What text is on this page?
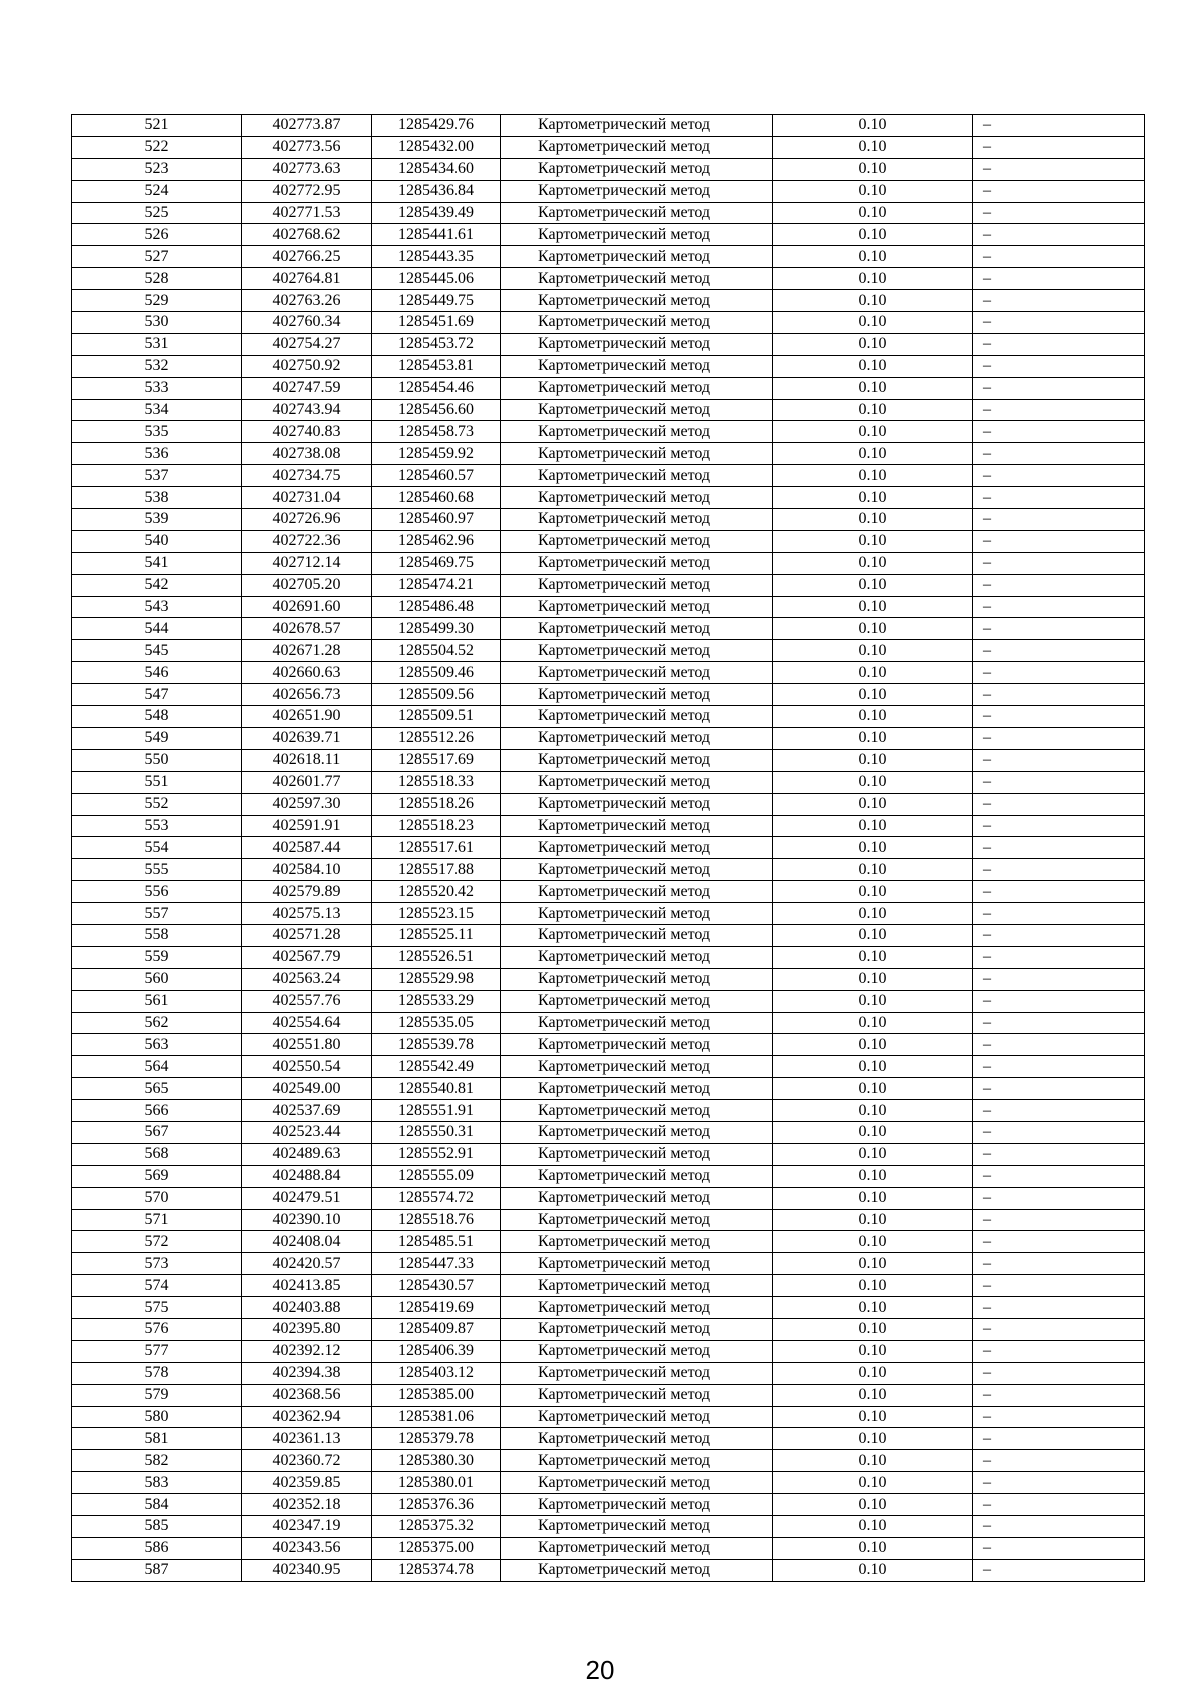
521	402773.87	1285429.76	Картометрический метод	0.10	–
522	402773.56	1285432.00	Картометрический метод	0.10	–
523	402773.63	1285434.60	Картометрический метод	0.10	–
524	402772.95	1285436.84	Картометрический метод	0.10	–
525	402771.53	1285439.49	Картометрический метод	0.10	–
526	402768.62	1285441.61	Картометрический метод	0.10	–
527	402766.25	1285443.35	Картометрический метод	0.10	–
528	402764.81	1285445.06	Картометрический метод	0.10	–
529	402763.26	1285449.75	Картометрический метод	0.10	–
530	402760.34	1285451.69	Картометрический метод	0.10	–
531	402754.27	1285453.72	Картометрический метод	0.10	–
532	402750.92	1285453.81	Картометрический метод	0.10	–
533	402747.59	1285454.46	Картометрический метод	0.10	–
534	402743.94	1285456.60	Картометрический метод	0.10	–
535	402740.83	1285458.73	Картометрический метод	0.10	–
536	402738.08	1285459.92	Картометрический метод	0.10	–
537	402734.75	1285460.57	Картометрический метод	0.10	–
538	402731.04	1285460.68	Картометрический метод	0.10	–
539	402726.96	1285460.97	Картометрический метод	0.10	–
540	402722.36	1285462.96	Картометрический метод	0.10	–
541	402712.14	1285469.75	Картометрический метод	0.10	–
542	402705.20	1285474.21	Картометрический метод	0.10	–
543	402691.60	1285486.48	Картометрический метод	0.10	–
544	402678.57	1285499.30	Картометрический метод	0.10	–
545	402671.28	1285504.52	Картометрический метод	0.10	–
546	402660.63	1285509.46	Картометрический метод	0.10	–
547	402656.73	1285509.56	Картометрический метод	0.10	–
548	402651.90	1285509.51	Картометрический метод	0.10	–
549	402639.71	1285512.26	Картометрический метод	0.10	–
550	402618.11	1285517.69	Картометрический метод	0.10	–
551	402601.77	1285518.33	Картометрический метод	0.10	–
552	402597.30	1285518.26	Картометрический метод	0.10	–
553	402591.91	1285518.23	Картометрический метод	0.10	–
554	402587.44	1285517.61	Картометрический метод	0.10	–
555	402584.10	1285517.88	Картометрический метод	0.10	–
556	402579.89	1285520.42	Картометрический метод	0.10	–
557	402575.13	1285523.15	Картометрический метод	0.10	–
558	402571.28	1285525.11	Картометрический метод	0.10	–
559	402567.79	1285526.51	Картометрический метод	0.10	–
560	402563.24	1285529.98	Картометрический метод	0.10	–
561	402557.76	1285533.29	Картометрический метод	0.10	–
562	402554.64	1285535.05	Картометрический метод	0.10	–
563	402551.80	1285539.78	Картометрический метод	0.10	–
564	402550.54	1285542.49	Картометрический метод	0.10	–
565	402549.00	1285540.81	Картометрический метод	0.10	–
566	402537.69	1285551.91	Картометрический метод	0.10	–
567	402523.44	1285550.31	Картометрический метод	0.10	–
568	402489.63	1285552.91	Картометрический метод	0.10	–
569	402488.84	1285555.09	Картометрический метод	0.10	–
570	402479.51	1285574.72	Картометрический метод	0.10	–
571	402390.10	1285518.76	Картометрический метод	0.10	–
572	402408.04	1285485.51	Картометрический метод	0.10	–
573	402420.57	1285447.33	Картометрический метод	0.10	–
574	402413.85	1285430.57	Картометрический метод	0.10	–
575	402403.88	1285419.69	Картометрический метод	0.10	–
576	402395.80	1285409.87	Картометрический метод	0.10	–
577	402392.12	1285406.39	Картометрический метод	0.10	–
578	402394.38	1285403.12	Картометрический метод	0.10	–
579	402368.56	1285385.00	Картометрический метод	0.10	–
580	402362.94	1285381.06	Картометрический метод	0.10	–
581	402361.13	1285379.78	Картометрический метод	0.10	–
582	402360.72	1285380.30	Картометрический метод	0.10	–
583	402359.85	1285380.01	Картометрический метод	0.10	–
584	402352.18	1285376.36	Картометрический метод	0.10	–
585	402347.19	1285375.32	Картометрический метод	0.10	–
586	402343.56	1285375.00	Картометрический метод	0.10	–
587	402340.95	1285374.78	Картометрический метод	0.10	–
20
